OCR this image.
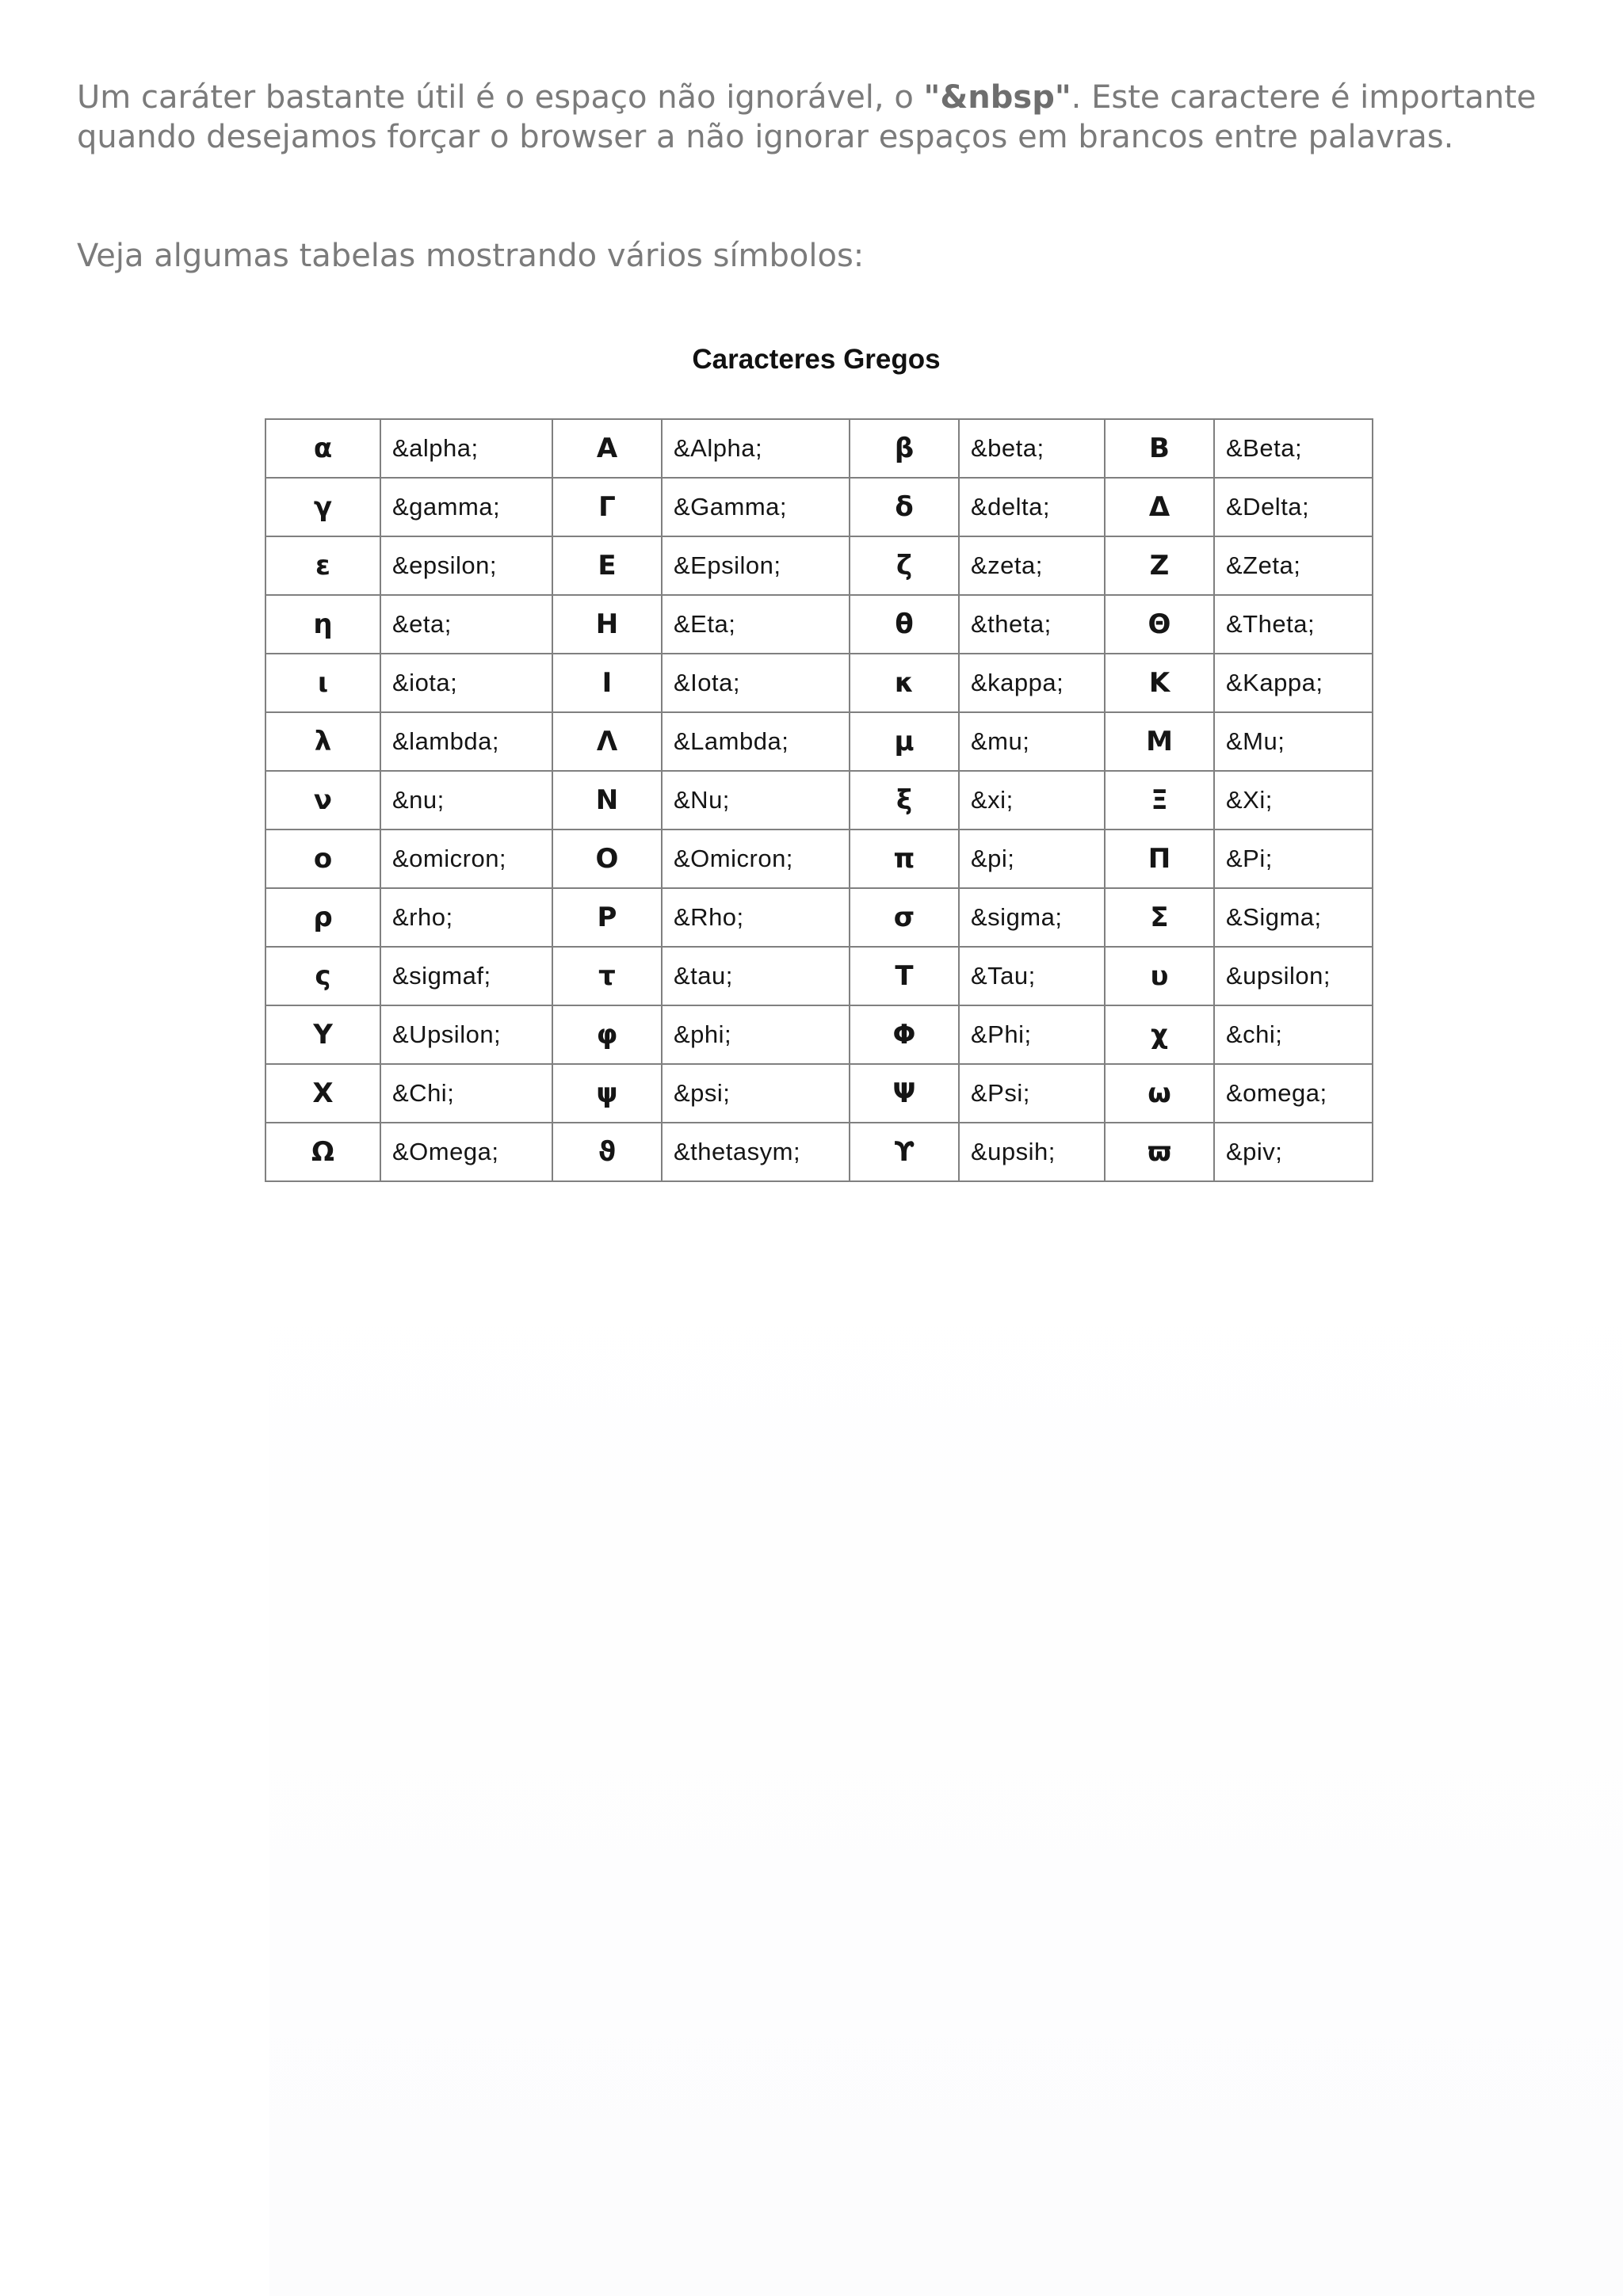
Um caráter bastante útil é o espaço não ignorável, o "&nbsp". Este caractere é importante quando desejamos forçar o browser a não ignorar espaços em brancos entre palavras.

Veja algumas tabelas mostrando vários símbolos:

Caracteres Gregos
α	&alpha;	Α	&Alpha;	β	&beta;	Β	&Beta;
γ	&gamma;	Γ	&Gamma;	δ	&delta;	Δ	&Delta;
ε	&epsilon;	Ε	&Epsilon;	ζ	&zeta;	Ζ	&Zeta;
η	&eta;	Η	&Eta;	θ	&theta;	Θ	&Theta;
ι	&iota;	Ι	&Iota;	κ	&kappa;	Κ	&Kappa;
λ	&lambda;	Λ	&Lambda;	μ	&mu;	Μ	&Mu;
ν	&nu;	Ν	&Nu;	ξ	&xi;	Ξ	&Xi;
ο	&omicron;	Ο	&Omicron;	π	&pi;	Π	&Pi;
ρ	&rho;	Ρ	&Rho;	σ	&sigma;	Σ	&Sigma;
ς	&sigmaf;	τ	&tau;	Τ	&Tau;	υ	&upsilon;
Υ	&Upsilon;	φ	&phi;	Φ	&Phi;	χ	&chi;
Χ	&Chi;	ψ	&psi;	Ψ	&Psi;	ω	&omega;
Ω	&Omega;	ϑ	&thetasym;	ϒ	&upsih;	ϖ	&piv;
